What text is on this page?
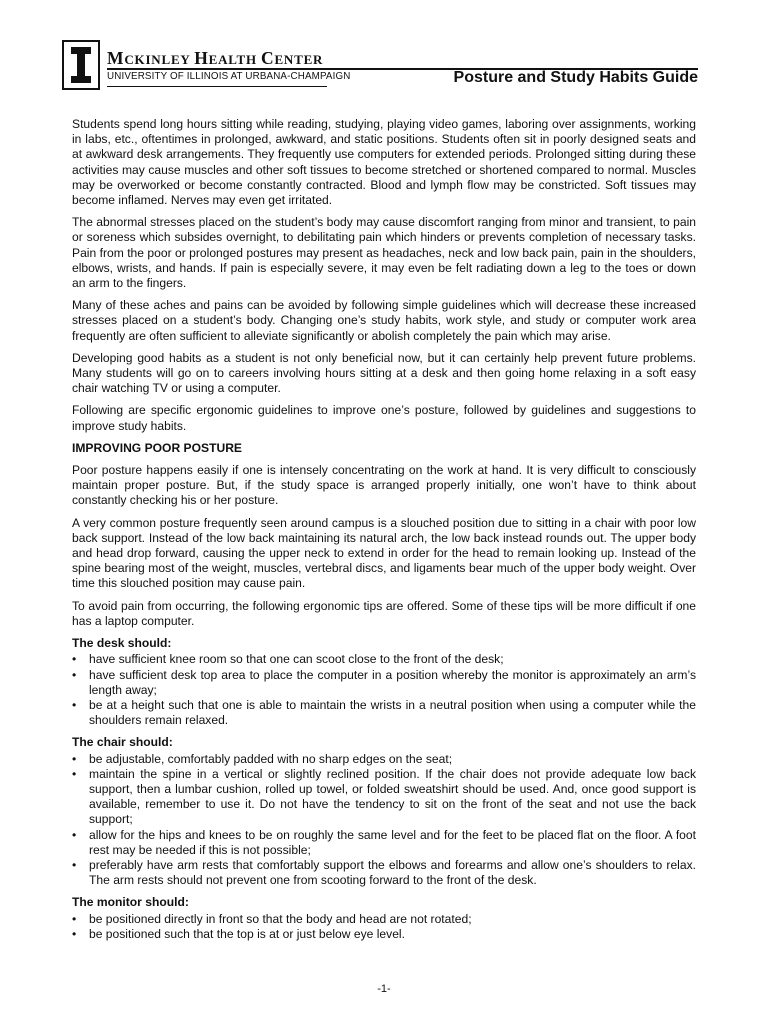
MCKINLEY HEALTH CENTER
UNIVERSITY OF ILLINOIS AT URBANA-CHAMPAIGN	Posture and Study Habits Guide

Students spend long hours sitting while reading, studying, playing video games, laboring over assignments, working in labs, etc., oftentimes in prolonged, awkward, and static positions. Students often sit in poorly designed seats and at awkward desk arrangements. They frequently use computers for extended periods. Prolonged sitting during these activities may cause muscles and other soft tissues to become stretched or shortened compared to normal. Muscles may be overworked or become constantly contracted. Blood and lymph flow may be constricted. Soft tissues may become inflamed. Nerves may even get irritated.

The abnormal stresses placed on the student’s body may cause discomfort ranging from minor and transient, to pain or soreness which subsides overnight, to debilitating pain which hinders or prevents completion of necessary tasks. Pain from the poor or prolonged postures may present as headaches, neck and low back pain, pain in the shoulders, elbows, wrists, and hands. If pain is especially severe, it may even be felt radiating down a leg to the toes or down an arm to the fingers.

Many of these aches and pains can be avoided by following simple guidelines which will decrease these increased stresses placed on a student’s body. Changing one’s study habits, work style, and study or computer work area frequently are often sufficient to alleviate significantly or abolish completely the pain which may arise.

Developing good habits as a student is not only beneficial now, but it can certainly help prevent future problems. Many students will go on to careers involving hours sitting at a desk and then going home relaxing in a soft easy chair watching TV or using a computer.

Following are specific ergonomic guidelines to improve one’s posture, followed by guidelines and suggestions to improve study habits.

IMPROVING POOR POSTURE

Poor posture happens easily if one is intensely concentrating on the work at hand. It is very difficult to consciously maintain proper posture. But, if the study space is arranged properly initially, one won’t have to think about constantly checking his or her posture.

A very common posture frequently seen around campus is a slouched position due to sitting in a chair with poor low back support. Instead of the low back maintaining its natural arch, the low back instead rounds out. The upper body and head drop forward, causing the upper neck to extend in order for the head to remain looking up. Instead of the spine bearing most of the weight, muscles, vertebral discs, and ligaments bear much of the upper body weight. Over time this slouched position may cause pain.

To avoid pain from occurring, the following ergonomic tips are offered. Some of these tips will be more difficult if one has a laptop computer.

The desk should:
• have sufficient knee room so that one can scoot close to the front of the desk;
• have sufficient desk top area to place the computer in a position whereby the monitor is approximately an arm’s length away;
• be at a height such that one is able to maintain the wrists in a neutral position when using a computer while the shoulders remain relaxed.
The chair should:
• be adjustable, comfortably padded with no sharp edges on the seat;
• maintain the spine in a vertical or slightly reclined position. If the chair does not provide adequate low back support, then a lumbar cushion, rolled up towel, or folded sweatshirt should be used. And, once good support is available, remember to use it. Do not have the tendency to sit on the front of the seat and not use the back support;
• allow for the hips and knees to be on roughly the same level and for the feet to be placed flat on the floor. A foot rest may be needed if this is not possible;
• preferably have arm rests that comfortably support the elbows and forearms and allow one’s shoulders to relax. The arm rests should not prevent one from scooting forward to the front of the desk.
The monitor should:
• be positioned directly in front so that the body and head are not rotated;
• be positioned such that the top is at or just below eye level.
-1-
